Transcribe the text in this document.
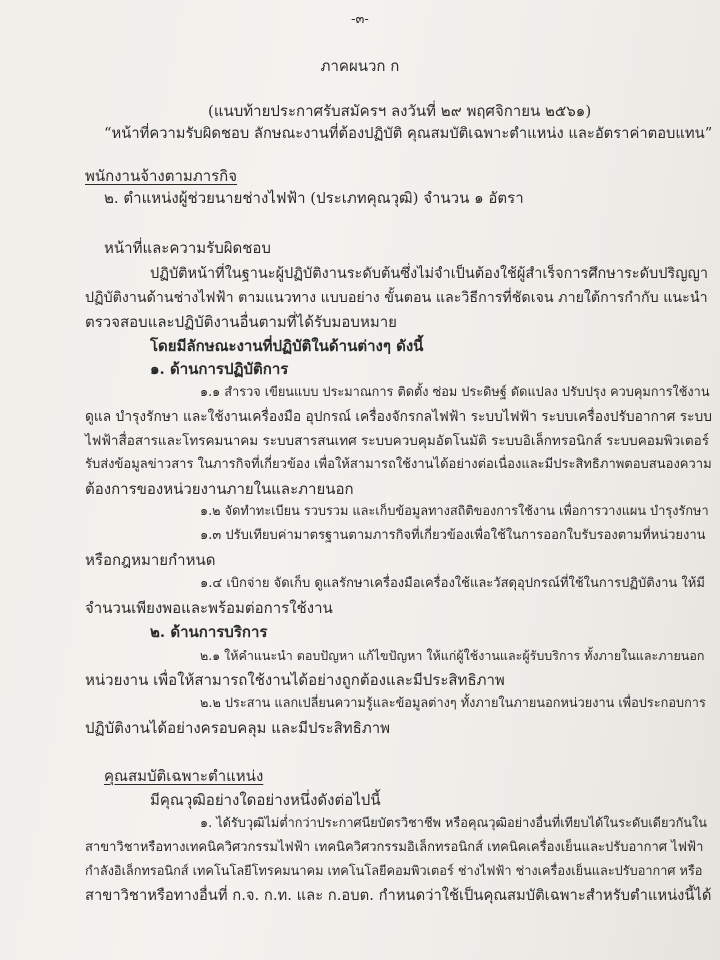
-๓-
ภาคผนวก ก
(แนบท้ายประกาศรับสมัครฯ ลงวันที่ ๒๙ พฤศจิกายน ๒๕๖๑)
“หน้าที่ความรับผิดชอบ ลักษณะงานที่ต้องปฏิบัติ คุณสมบัติเฉพาะตำแหน่ง และอัตราค่าตอบแทน”
พนักงานจ้างตามภารกิจ
๒. ตำแหน่งผู้ช่วยนายช่างไฟฟ้า (ประเภทคุณวุฒิ) จำนวน ๑ อัตรา
หน้าที่และความรับผิดชอบ
ปฏิบัติหน้าที่ในฐานะผู้ปฏิบัติงานระดับต้นซึ่งไม่จำเป็นต้องใช้ผู้สำเร็จการศึกษาระดับปริญญา
ปฏิบัติงานด้านช่างไฟฟ้า ตามแนวทาง แบบอย่าง ขั้นตอน และวิธีการที่ชัดเจน ภายใต้การกำกับ แนะนำ
ตรวจสอบและปฏิบัติงานอื่นตามที่ได้รับมอบหมาย
โดยมีลักษณะงานที่ปฏิบัติในด้านต่างๆ ดังนี้
๑. ด้านการปฏิบัติการ
๑.๑ สำรวจ เขียนแบบ ประมาณการ ติดตั้ง ซ่อม ประดิษฐ์ ดัดแปลง ปรับปรุง ควบคุมการใช้งาน
ดูแล บำรุงรักษา และใช้งานเครื่องมือ อุปกรณ์ เครื่องจักรกลไฟฟ้า ระบบไฟฟ้า ระบบเครื่องปรับอากาศ ระบบ
ไฟฟ้าสื่อสารและโทรคมนาคม ระบบสารสนเทศ ระบบควบคุมอัตโนมัติ ระบบอิเล็กทรอนิกส์ ระบบคอมพิวเตอร์
รับส่งข้อมูลข่าวสาร ในภารกิจที่เกี่ยวข้อง เพื่อให้สามารถใช้งานได้อย่างต่อเนื่องและมีประสิทธิภาพตอบสนองความ
ต้องการของหน่วยงานภายในและภายนอก
๑.๒ จัดทำทะเบียน รวบรวม และเก็บข้อมูลทางสถิติของการใช้งาน เพื่อการวางแผน บำรุงรักษา
๑.๓ ปรับเทียบค่ามาตรฐานตามภารกิจที่เกี่ยวข้องเพื่อใช้ในการออกใบรับรองตามที่หน่วยงาน
หรือกฎหมายกำหนด
๑.๔ เบิกจ่าย จัดเก็บ ดูแลรักษาเครื่องมือเครื่องใช้และวัสดุอุปกรณ์ที่ใช้ในการปฏิบัติงาน ให้มี
จำนวนเพียงพอและพร้อมต่อการใช้งาน
๒. ด้านการบริการ
๒.๑ ให้คำแนะนำ ตอบปัญหา แก้ไขปัญหา ให้แก่ผู้ใช้งานและผู้รับบริการ ทั้งภายในและภายนอก
หน่วยงาน เพื่อให้สามารถใช้งานได้อย่างถูกต้องและมีประสิทธิภาพ
๒.๒ ประสาน แลกเปลี่ยนความรู้และข้อมูลต่างๆ ทั้งภายในภายนอกหน่วยงาน เพื่อประกอบการ
ปฏิบัติงานได้อย่างครอบคลุม และมีประสิทธิภาพ
คุณสมบัติเฉพาะตำแหน่ง
มีคุณวุฒิอย่างใดอย่างหนึ่งดังต่อไปนี้
๑. ได้รับวุฒิไม่ต่ำกว่าประกาศนียบัตรวิชาชีพ หรือคุณวุฒิอย่างอื่นที่เทียบได้ในระดับเดียวกันใน
สาขาวิชาหรือทางเทคนิควิศวกรรมไฟฟ้า เทคนิควิศวกรรมอิเล็กทรอนิกส์ เทคนิคเครื่องเย็นและปรับอากาศ ไฟฟ้า
กำลังอิเล็กทรอนิกส์ เทคโนโลยีโทรคมนาคม เทคโนโลยีคอมพิวเตอร์ ช่างไฟฟ้า ช่างเครื่องเย็นและปรับอากาศ หรือ
สาขาวิชาหรือทางอื่นที่ ก.จ. ก.ท. และ ก.อบต. กำหนดว่าใช้เป็นคุณสมบัติเฉพาะสำหรับตำแหน่งนี้ได้
